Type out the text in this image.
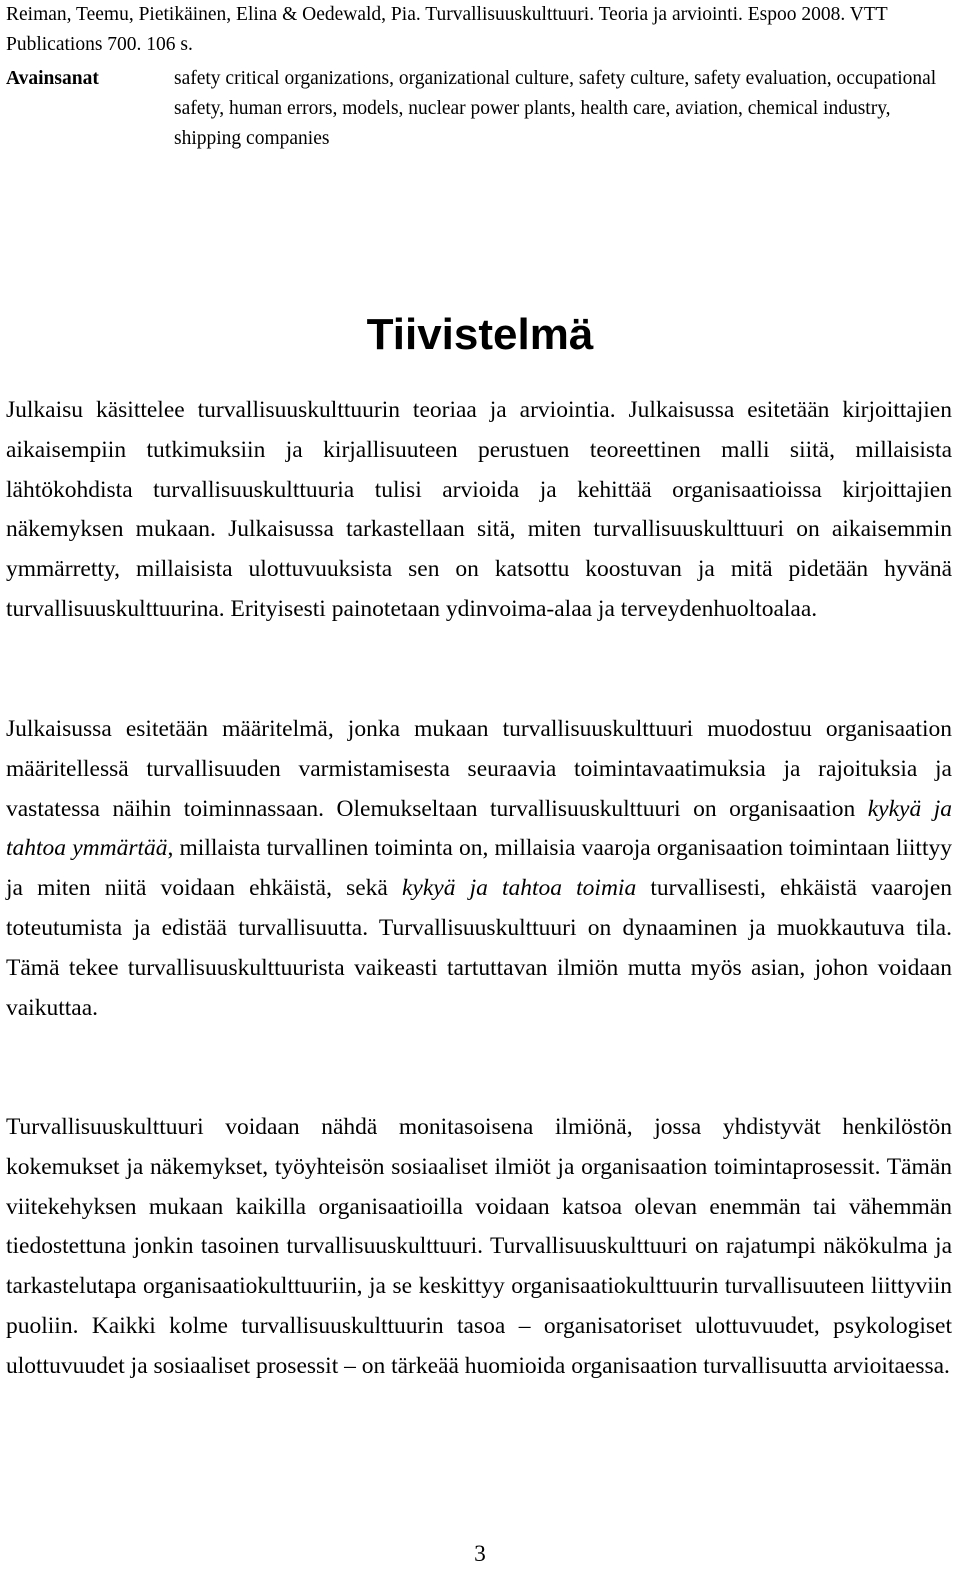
Reiman, Teemu, Pietikäinen, Elina & Oedewald, Pia. Turvallisuuskulttuuri. Teoria ja arviointi. Espoo 2008. VTT Publications 700. 106 s.

Avainsanat	safety critical organizations, organizational culture, safety culture, safety evaluation, occupational safety, human errors, models, nuclear power plants, health care, aviation, chemical industry, shipping companies

Tiivistelmä

Julkaisu käsittelee turvallisuuskulttuurin teoriaa ja arviointia. Julkaisussa esitetään kirjoittajien aikaisempiin tutkimuksiin ja kirjallisuuteen perustuen teoreettinen malli siitä, millaisista lähtökohdista turvallisuuskulttuuria tulisi arvioida ja kehittää organisaatioissa kirjoittajien näkemyksen mukaan. Julkaisussa tarkastellaan sitä, miten turvallisuuskulttuuri on aikaisemmin ymmärretty, millaisista ulottuvuuksista sen on katsottu koostuvan ja mitä pidetään hyvänä turvallisuuskulttuurina. Erityisesti painotetaan ydinvoima-alaa ja terveydenhuoltoalaa.

Julkaisussa esitetään määritelmä, jonka mukaan turvallisuuskulttuuri muodostuu organisaation määritellessä turvallisuuden varmistamisesta seuraavia toimintavaatimuksia ja rajoituksia ja vastatessa näihin toiminnassaan. Olemukseltaan turvallisuuskulttuuri on organisaation kykyä ja tahtoa ymmärtää, millaista turvallinen toiminta on, millaisia vaaroja organisaation toimintaan liittyy ja miten niitä voidaan ehkäistä, sekä kykyä ja tahtoa toimia turvallisesti, ehkäistä vaarojen toteutumista ja edistää turvallisuutta. Turvallisuuskulttuuri on dynaaminen ja muokkautuva tila. Tämä tekee turvallisuuskulttuurista vaikeasti tartuttavan ilmiön mutta myös asian, johon voidaan vaikuttaa.

Turvallisuuskulttuuri voidaan nähdä monitasoisena ilmiönä, jossa yhdistyvät henkilöstön kokemukset ja näkemykset, työyhteisön sosiaaliset ilmiöt ja organisaation toimintaprosessit. Tämän viitekehyksen mukaan kaikilla organisaatioilla voidaan katsoa olevan enemmän tai vähemmän tiedostettuna jonkin tasoinen turvallisuuskulttuuri. Turvallisuuskulttuuri on rajatumpi näkökulma ja tarkastelutapa organisaatiokulttuuriin, ja se keskittyy organisaatiokulttuurin turvallisuuteen liittyviin puoliin. Kaikki kolme turvallisuuskulttuurin tasoa – organisatoriset ulottuvuudet, psykologiset ulottuvuudet ja sosiaaliset prosessit – on tärkeää huomioida organisaation turvallisuutta arvioitaessa.

3
